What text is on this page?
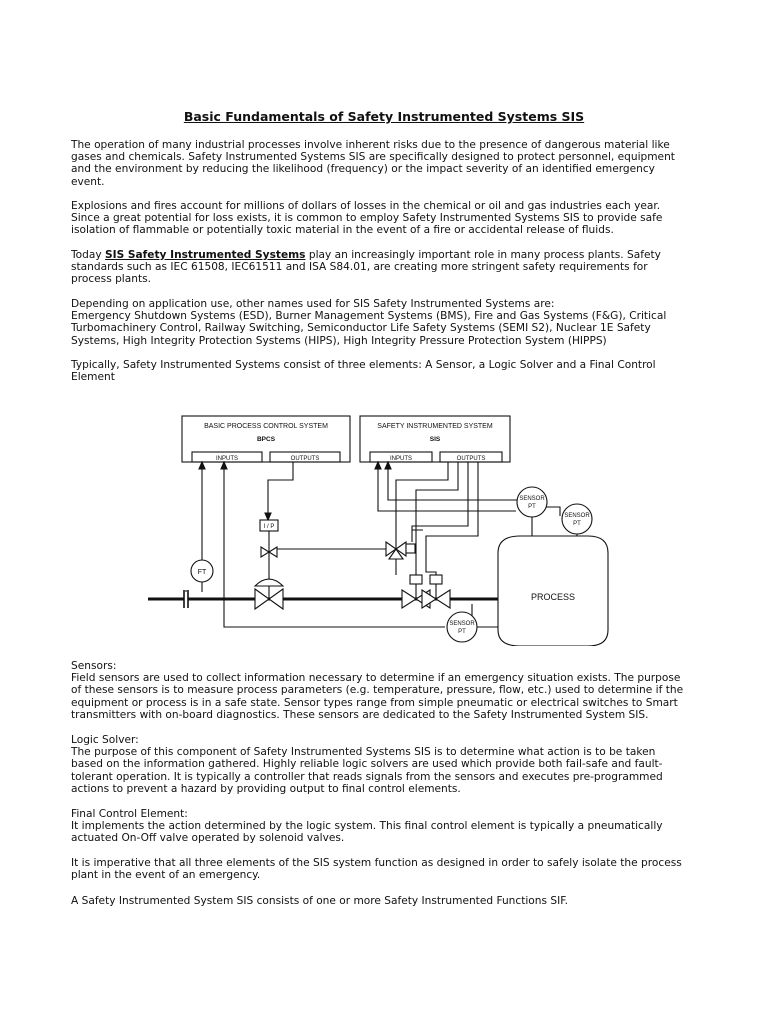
Basic Fundamentals of Safety Instrumented Systems SIS

The operation of many industrial processes involve inherent risks due to the presence of dangerous material like
gases and chemicals. Safety Instrumented Systems SIS are specifically designed to protect personnel, equipment
and the environment by reducing the likelihood (frequency) or the impact severity of an identified emergency
event.

Explosions and fires account for millions of dollars of losses in the chemical or oil and gas industries each year.
Since a great potential for loss exists, it is common to employ Safety Instrumented Systems SIS to provide safe
isolation of flammable or potentially toxic material in the event of a fire or accidental release of fluids.

Today SIS Safety Instrumented Systems play an increasingly important role in many process plants. Safety
standards such as IEC 61508, IEC61511 and ISA S84.01, are creating more stringent safety requirements for
process plants.

Depending on application use, other names used for SIS Safety Instrumented Systems are:
Emergency Shutdown Systems (ESD), Burner Management Systems (BMS), Fire and Gas Systems (F&G), Critical
Turbomachinery Control, Railway Switching, Semiconductor Life Safety Systems (SEMI S2), Nuclear 1E Safety
Systems, High Integrity Protection Systems (HIPS), High Integrity Pressure Protection System (HIPPS)

Typically, Safety Instrumented Systems consist of three elements: A Sensor, a Logic Solver and a Final Control
Element

BASIC PROCESS CONTROL SYSTEM
BPCS
INPUTS	OUTPUTS
SAFETY INSTRUMENTED SYSTEM
SIS
INPUTS	OUTPUTS
FT
I / P
PROCESS
SENSOR
PT
SENSOR
PT
SENSOR
PT

Sensors:
Field sensors are used to collect information necessary to determine if an emergency situation exists. The purpose
of these sensors is to measure process parameters (e.g. temperature, pressure, flow, etc.) used to determine if the
equipment or process is in a safe state. Sensor types range from simple pneumatic or electrical switches to Smart
transmitters with on-board diagnostics. These sensors are dedicated to the Safety Instrumented System SIS.

Logic Solver:
The purpose of this component of Safety Instrumented Systems SIS is to determine what action is to be taken
based on the information gathered. Highly reliable logic solvers are used which provide both fail-safe and fault-
tolerant operation. It is typically a controller that reads signals from the sensors and executes pre-programmed
actions to prevent a hazard by providing output to final control elements.

Final Control Element:
It implements the action determined by the logic system. This final control element is typically a pneumatically
actuated On-Off valve operated by solenoid valves.

It is imperative that all three elements of the SIS system function as designed in order to safely isolate the process
plant in the event of an emergency.

A Safety Instrumented System SIS consists of one or more Safety Instrumented Functions SIF.
